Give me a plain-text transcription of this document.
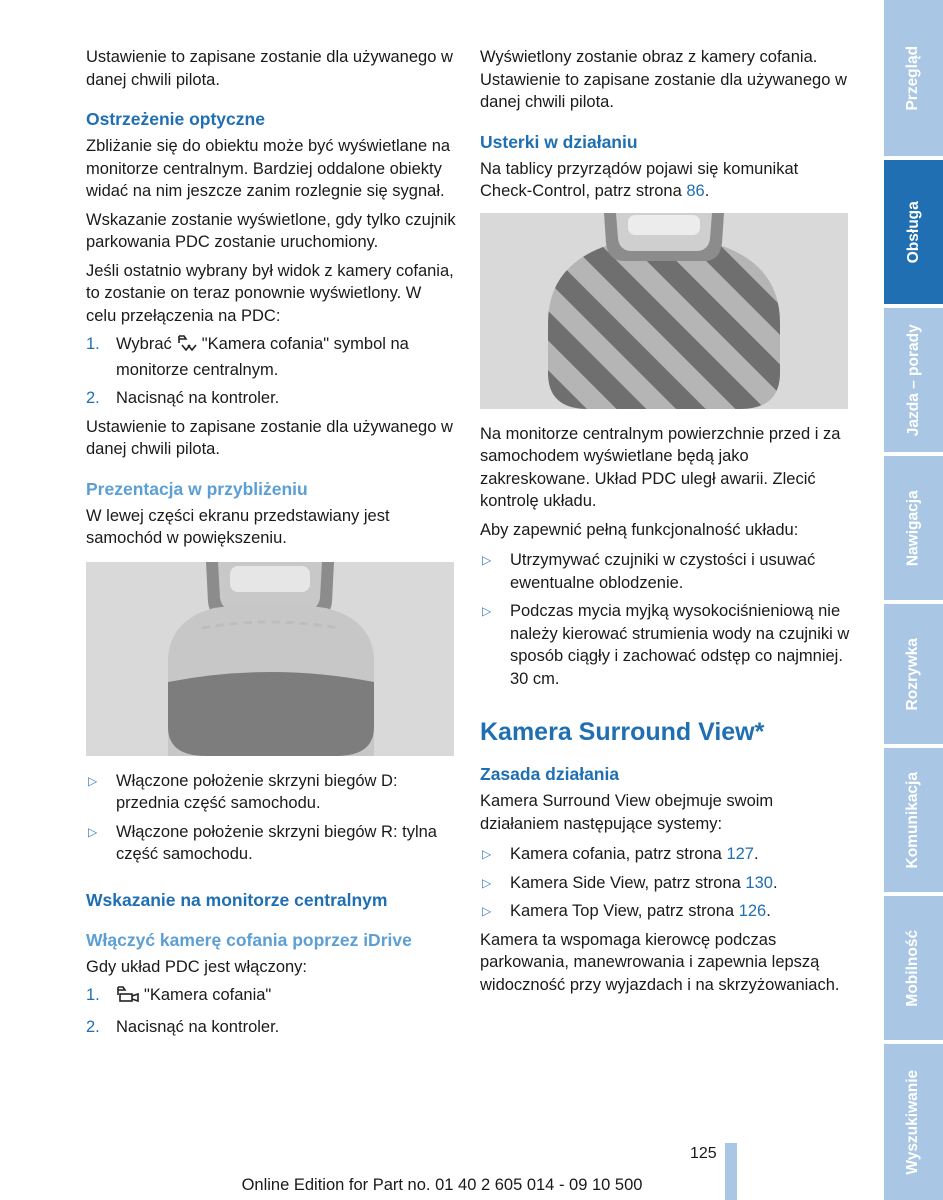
Ustawienie to zapisane zostanie dla używanego w danej chwili pilota.

Ostrzeżenie optyczne

Zbliżanie się do obiektu może być wyświetlane na monitorze centralnym. Bardziej oddalone obiekty widać na nim jeszcze zanim rozlegnie się sygnał.

Wskazanie zostanie wyświetlone, gdy tylko czujnik parkowania PDC zostanie uruchomiony.

Jeśli ostatnio wybrany był widok z kamery cofania, to zostanie on teraz ponownie wyświetlony. W celu przełączenia na PDC:

1. Wybrać "Kamera cofania" symbol na monitorze centralnym.
2. Nacisnąć na kontroler.

Ustawienie to zapisane zostanie dla używanego w danej chwili pilota.

Prezentacja w przybliżeniu

W lewej części ekranu przedstawiany jest samochód w powiększeniu.

▷ Włączone położenie skrzyni biegów D: przednia część samochodu.
▷ Włączone położenie skrzyni biegów R: tylna część samochodu.
Wskazanie na monitorze centralnym
Włączyć kamerę cofania poprzez iDrive

Gdy układ PDC jest włączony:

1.	"Kamera cofania"
2. Nacisnąć na kontroler.

Wyświetlony zostanie obraz z kamery cofania. Ustawienie to zapisane zostanie dla używanego w danej chwili pilota.

Usterki w działaniu

Na tablicy przyrządów pojawi się komunikat Check-Control, patrz strona 86.

Na monitorze centralnym powierzchnie przed i za samochodem wyświetlane będą jako zakreskowane. Układ PDC uległ awarii. Zlecić kontrolę układu.

Aby zapewnić pełną funkcjonalność układu:

▷ Utrzymywać czujniki w czystości i usuwać ewentualne oblodzenie.
▷ Podczas mycia myjką wysokociśnieniową nie należy kierować strumienia wody na czujniki w sposób ciągły i zachować odstęp co najmniej. 30 cm.
Kamera Surround View*
Zasada działania

Kamera Surround View obejmuje swoim działaniem następujące systemy:

▷ Kamera cofania, patrz strona 127.
▷ Kamera Side View, patrz strona 130.
▷ Kamera Top View, patrz strona 126.

Kamera ta wspomaga kierowcę podczas parkowania, manewrowania i zapewnia lepszą widoczność przy wyjazdach i na skrzyżowaniach.

Przegląd
Obsługa
Jazda – porady
Nawigacja
Rozrywka
Komunikacja
Mobilność
Wyszukiwanie
125
Online Edition for Part no. 01 40 2 605 014 - 09 10 500
